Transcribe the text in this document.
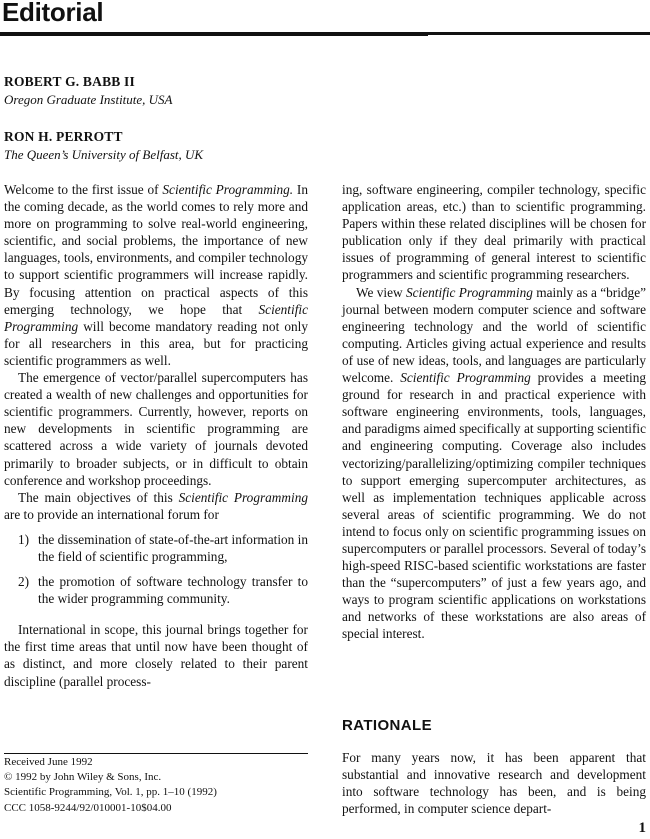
Editorial
ROBERT G. BABB II
Oregon Graduate Institute, USA
RON H. PERROTT
The Queen’s University of Belfast, UK

Welcome to the first issue of Scientific Programming. In the coming decade, as the world comes to rely more and more on programming to solve real-world engineering, scientific, and social problems, the importance of new languages, tools, environments, and compiler technology to support scientific programmers will increase rapidly. By focusing attention on practical aspects of this emerging technology, we hope that Scientific Programming will become mandatory reading not only for all researchers in this area, but for practicing scientific programmers as well.

The emergence of vector/parallel supercomputers has created a wealth of new challenges and opportunities for scientific programmers. Currently, however, reports on new developments in scientific programming are scattered across a wide variety of journals devoted primarily to broader subjects, or in difficult to obtain conference and workshop proceedings.

The main objectives of this Scientific Programming are to provide an international forum for

1) the dissemination of state-of-the-art information in the field of scientific programming,
2) the promotion of software technology transfer to the wider programming community.

International in scope, this journal brings together for the first time areas that until now have been thought of as distinct, and more closely related to their parent discipline (parallel process-

ing, software engineering, compiler technology, specific application areas, etc.) than to scientific programming. Papers within these related disciplines will be chosen for publication only if they deal primarily with practical issues of programming of general interest to scientific programmers and scientific programming researchers.

We view Scientific Programming mainly as a “bridge” journal between modern computer science and software engineering technology and the world of scientific computing. Articles giving actual experience and results of use of new ideas, tools, and languages are particularly welcome. Scientific Programming provides a meeting ground for research in and practical experience with software engineering environments, tools, languages, and paradigms aimed specifically at supporting scientific and engineering computing. Coverage also includes vectorizing/parallelizing/optimizing compiler techniques to support emerging supercomputer architectures, as well as implementation techniques applicable across several areas of scientific programming. We do not intend to focus only on scientific programming issues on supercomputers or parallel processors. Several of today’s high-speed RISC-based scientific workstations are faster than the “supercomputers” of just a few years ago, and ways to program scientific applications on workstations and networks of these workstations are also areas of special interest.

RATIONALE

For many years now, it has been apparent that substantial and innovative research and development into software technology has been, and is being performed, in computer science depart-

Received June 1992
© 1992 by John Wiley & Sons, Inc.
Scientific Programming, Vol. 1, pp. 1–10 (1992)
CCC 1058-9244/92/010001-10$04.00
1
